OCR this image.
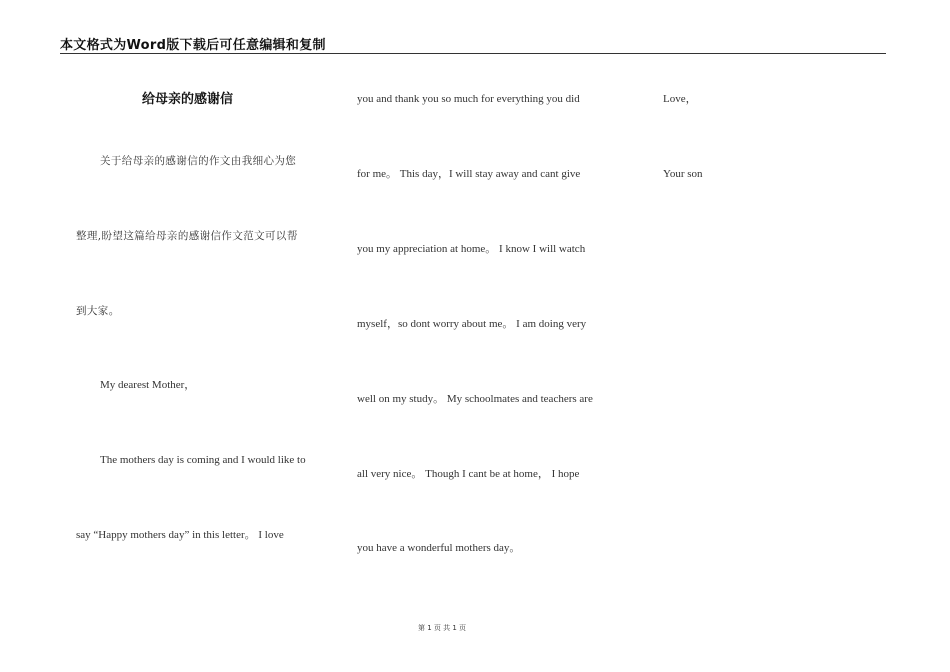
本文格式为Word版下载后可任意编辑和复制
给母亲的感谢信
关于给母亲的感谢信的作文由我细心为您
整理,盼望这篇给母亲的感谢信作文范文可以帮
到大家。
My dearest Mother，
The mothers day is coming and I would like to
say “Happy mothers day” in this letter。 I love
you and thank you so much for everything you did
for me。 This day，I will stay away and cant give
you my appreciation at home。 I know I will watch
myself，so dont worry about me。 I am doing very
well on my study。 My schoolmates and teachers are
all very nice。 Though I cant be at home， I hope
you have a wonderful mothers day。
Love，
Your son
第 1 页 共 1 页
